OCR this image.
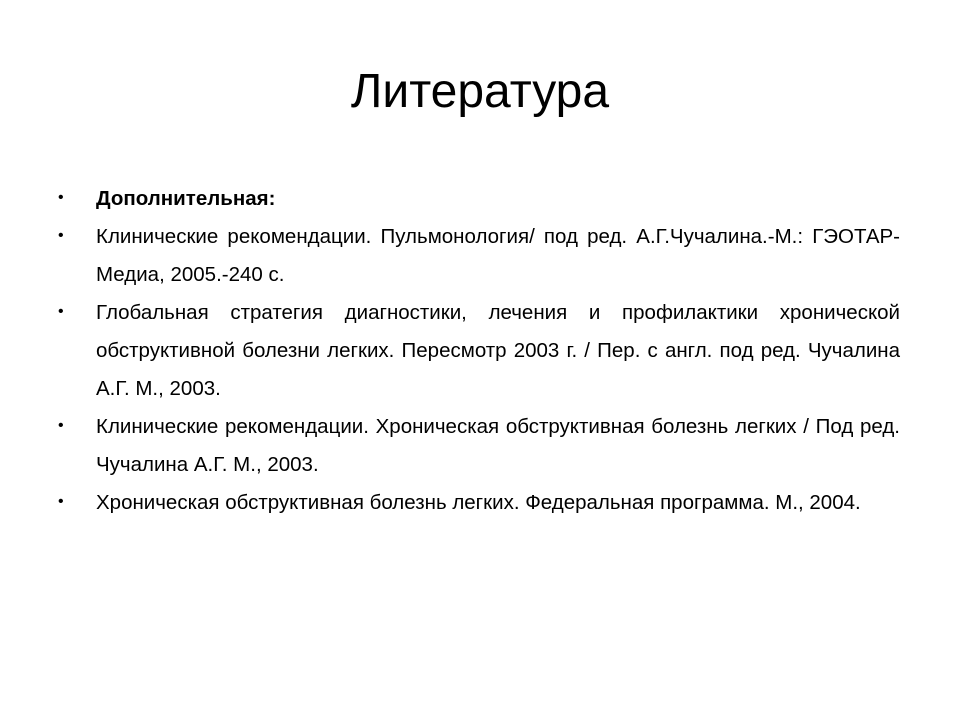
Литература
•	Дополнительная:
•	Клинические рекомендации. Пульмонология/ под ред. А.Г.Чучалина.-М.: ГЭОТАР-Медиа, 2005.-240 с.
•	Глобальная стратегия диагностики, лечения и профилактики хронической обструктивной болезни легких. Пересмотр 2003 г. / Пер. с англ. под ред. Чучалина А.Г. М., 2003.
•	Клинические рекомендации. Хроническая обструктивная болезнь легких / Под ред. Чучалина А.Г. М., 2003.
•	Хроническая обструктивная болезнь легких. Федеральная программа. М., 2004.
